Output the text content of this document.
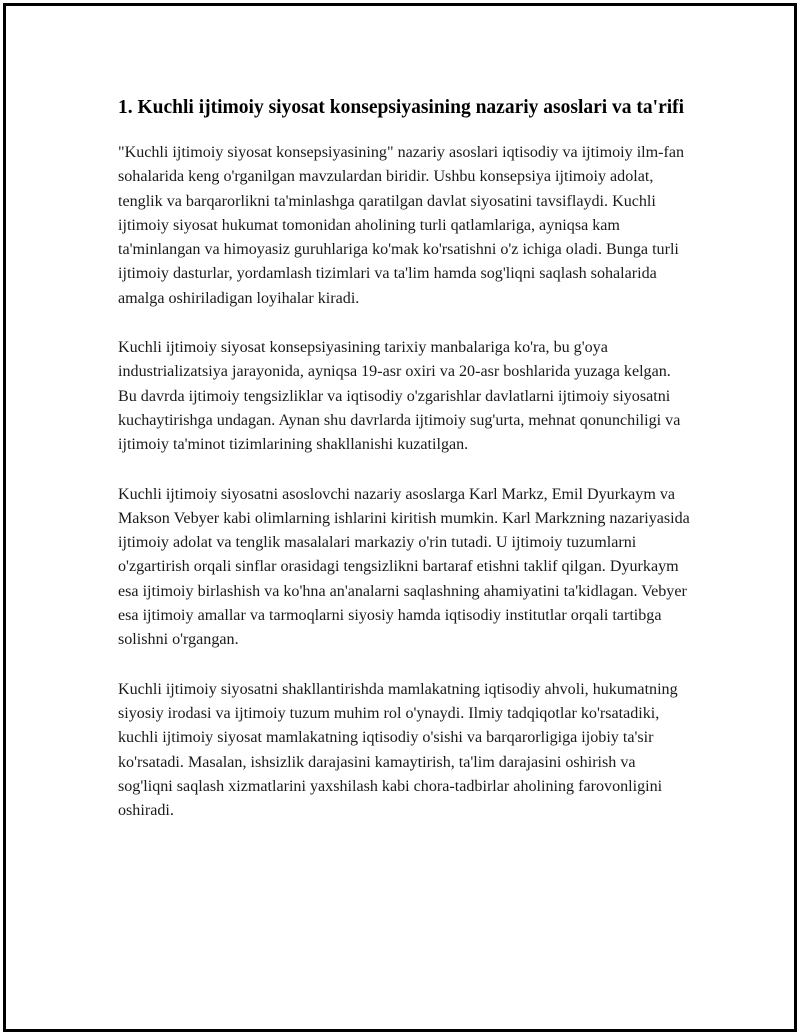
1. Kuchli ijtimoiy siyosat konsepsiyasining nazariy asoslari va ta'rifi

"Kuchli ijtimoiy siyosat konsepsiyasining" nazariy asoslari iqtisodiy va ijtimoiy ilm-fan sohalarida keng o'rganilgan mavzulardan biridir. Ushbu konsepsiya ijtimoiy adolat, tenglik va barqarorlikni ta'minlashga qaratilgan davlat siyosatini tavsiflaydi. Kuchli ijtimoiy siyosat hukumat tomonidan aholining turli qatlamlariga, ayniqsa kam ta'minlangan va himoyasiz guruhlariga ko'mak ko'rsatishni o'z ichiga oladi. Bunga turli ijtimoiy dasturlar, yordamlash tizimlari va ta'lim hamda sog'liqni saqlash sohalarida amalga oshiriladigan loyihalar kiradi.

Kuchli ijtimoiy siyosat konsepsiyasining tarixiy manbalariga ko'ra, bu g'oya industrializatsiya jarayonida, ayniqsa 19-asr oxiri va 20-asr boshlarida yuzaga kelgan. Bu davrda ijtimoiy tengsizliklar va iqtisodiy o'zgarishlar davlatlarni ijtimoiy siyosatni kuchaytirishga undagan. Aynan shu davrlarda ijtimoiy sug'urta, mehnat qonunchiligi va ijtimoiy ta'minot tizimlarining shakllanishi kuzatilgan.

Kuchli ijtimoiy siyosatni asoslovchi nazariy asoslarga Karl Markz, Emil Dyurkaym va Makson Vebyer kabi olimlarning ishlarini kiritish mumkin. Karl Markzning nazariyasida ijtimoiy adolat va tenglik masalalari markaziy o'rin tutadi. U ijtimoiy tuzumlarni o'zgartirish orqali sinflar orasidagi tengsizlikni bartaraf etishni taklif qilgan. Dyurkaym esa ijtimoiy birlashish va ko'hna an'analarni saqlashning ahamiyatini ta'kidlagan. Vebyer esa ijtimoiy amallar va tarmoqlarni siyosiy hamda iqtisodiy institutlar orqali tartibga solishni o'rgangan.

Kuchli ijtimoiy siyosatni shakllantirishda mamlakatning iqtisodiy ahvoli, hukumatning siyosiy irodasi va ijtimoiy tuzum muhim rol o'ynaydi. Ilmiy tadqiqotlar ko'rsatadiki, kuchli ijtimoiy siyosat mamlakatning iqtisodiy o'sishi va barqarorligiga ijobiy ta'sir ko'rsatadi. Masalan, ishsizlik darajasini kamaytirish, ta'lim darajasini oshirish va sog'liqni saqlash xizmatlarini yaxshilash kabi chora-tadbirlar aholining farovonligini oshiradi.
